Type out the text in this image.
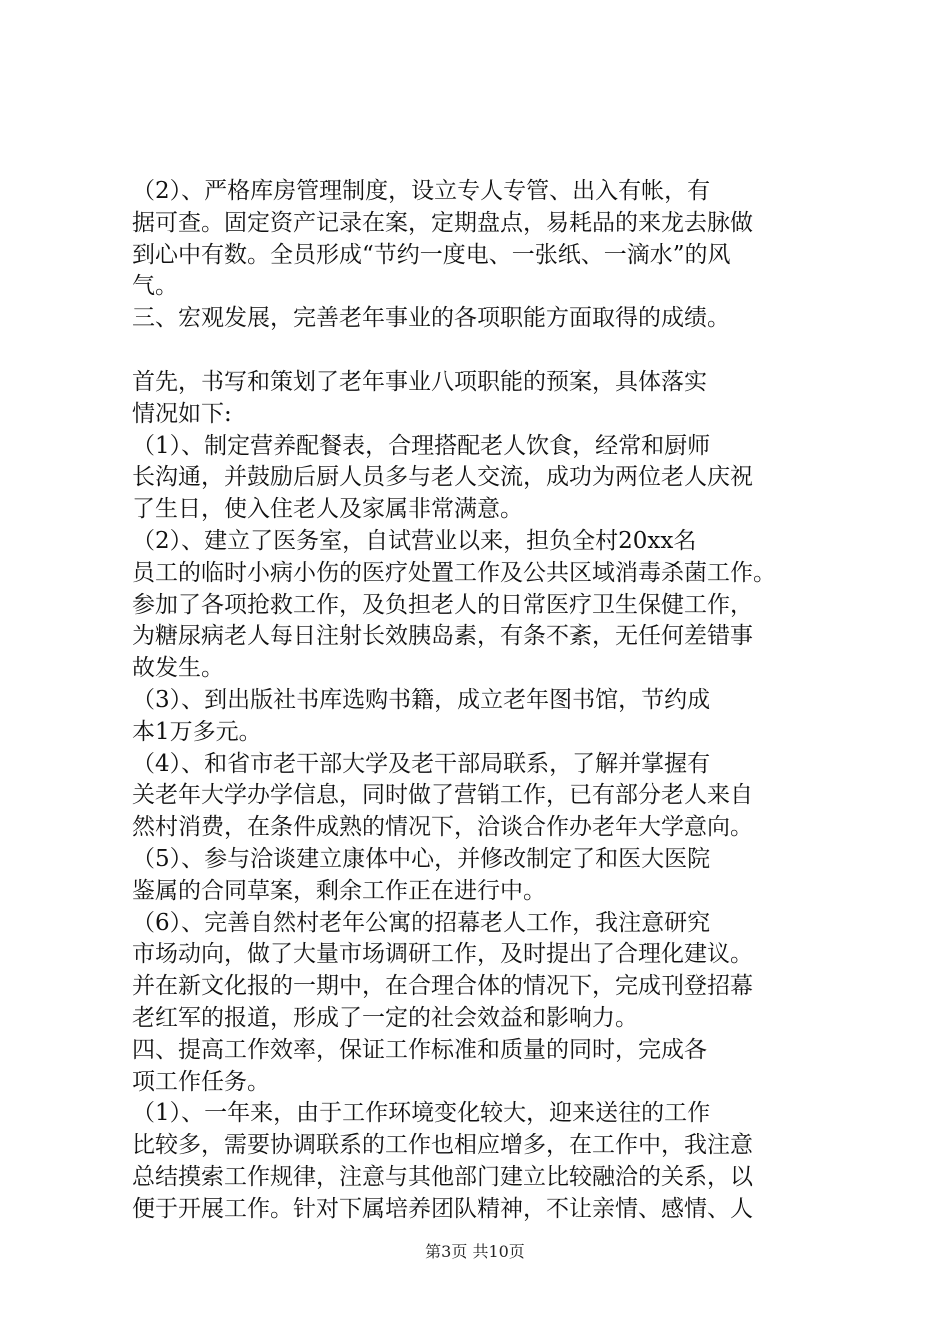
（2）、严格库房管理制度，设立专人专管、出入有帐，有
据可查。固定资产记录在案，定期盘点，易耗品的来龙去脉做
到心中有数。全员形成“节约一度电、一张纸、一滴水”的风
气。
三、宏观发展，完善老年事业的各项职能方面取得的成绩。
首先，书写和策划了老年事业八项职能的预案，具体落实
情况如下:
（1）、制定营养配餐表，合理搭配老人饮食，经常和厨师
长沟通，并鼓励后厨人员多与老人交流，成功为两位老人庆祝
了生日，使入住老人及家属非常满意。
（2）、建立了医务室，自试营业以来，担负全村20xx名
员工的临时小病小伤的医疗处置工作及公共区域消毒杀菌工作。
参加了各项抢救工作，及负担老人的日常医疗卫生保健工作，
为糖尿病老人每日注射长效胰岛素，有条不紊，无任何差错事
故发生。
（3）、到出版社书库选购书籍，成立老年图书馆，节约成
本1万多元。
（4）、和省市老干部大学及老干部局联系，了解并掌握有
关老年大学办学信息，同时做了营销工作，已有部分老人来自
然村消费，在条件成熟的情况下，洽谈合作办老年大学意向。
（5）、参与洽谈建立康体中心，并修改制定了和医大医院
鉴属的合同草案，剩余工作正在进行中。
（6）、完善自然村老年公寓的招幕老人工作，我注意研究
市场动向，做了大量市场调研工作，及时提出了合理化建议。
并在新文化报的一期中，在合理合体的情况下，完成刊登招幕
老红军的报道，形成了一定的社会效益和影响力。
四、提高工作效率，保证工作标准和质量的同时，完成各
项工作任务。
（1）、一年来，由于工作环境变化较大，迎来送往的工作
比较多，需要协调联系的工作也相应增多，在工作中，我注意
总结摸索工作规律，注意与其他部门建立比较融洽的关系，以
便于开展工作。针对下属培养团队精神，不让亲情、感情、人
第3页 共10页
